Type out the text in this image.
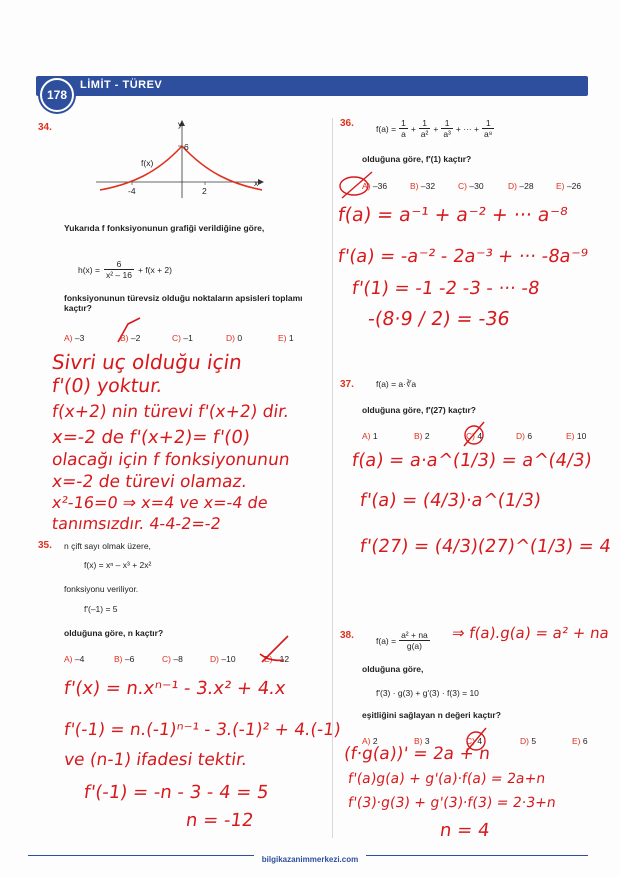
178
LİMİT - TÜREV
34.	y
x
6
f(x)
-4	2
Yukarıda f fonksiyonunun grafiği verildiğine göre,
$h(x) = \frac{6}{\text{x² – 16}} + f(x + 2)$
fonksiyonunun türevsiz olduğu noktaların apsisleri toplamı kaçtır?
A) –3	B) –2	C) –1	D) 0	E) 1
Sivri uç olduğu için
f'(0) yoktur.
f(x+2) nin türevi f'(x+2) dir.
x=-2 de f'(x+2)= f'(0)
olacağı için f fonksiyonunun
x=-2 de türevi olamaz.
x²-16=0 ⇒ x=4 ve x=-4 de
tanımsızdır. 4-4-2=-2
35. n çift sayı olmak üzere,
f(x) = xⁿ – x³ + 2x²
fonksiyonu veriliyor.
f'(–1) = 5
olduğuna göre, n kaçtır?
A) –4	B) –6	C) –8	D) –10	E) –12
f'(x) = n.xⁿ⁻¹ - 3.x² + 4.x
f'(-1) = n.(-1)ⁿ⁻¹ - 3.(-1)² + 4.(-1)
ve (n-1) ifadesi tektir.
f'(-1) = -n - 3 - 4 = 5
n = -12
36.	$f(a) = \frac{1}{a} + \frac{1}{\text{a²}} + \frac{1}{\text{a³}}$ + ··· + $\frac{1}{\text{a⁸}}$
olduğuna göre, f'(1) kaçtır?
A) –36	B) –32	C) –30	D) –28	E) –26
f(a) = a⁻¹ + a⁻² + ··· a⁻⁸
f'(a) = -a⁻² - 2a⁻³ + ··· -8a⁻⁹
f'(1) = -1 -2 -3 - ··· -8
-(8·9 / 2) = -36
37.	f(a) = a·∛a
olduğuna göre, f'(27) kaçtır?
A) 1	B) 2	C) 4	D) 6	E) 10
f(a) = a·a^(1/3) = a^(4/3)
f'(a) = (4/3)·a^(1/3)
f'(27) = (4/3)(27)^(1/3) = 4
38.	$f(a) = \frac{\text{a² + na}}{g(a)}$ ⇒ f(a).g(a) = a² + na
olduğuna göre,
f'(3) · g(3) + g'(3) · f(3) = 10
eşitliğini sağlayan n değeri kaçtır?
A) 2	B) 3	C) 4	D) 5	E) 6
(f·g(a))' = 2a + n
f'(a)g(a) + g'(a)·f(a) = 2a+n
f'(3)·g(3) + g'(3)·f(3) = 2·3+n
n = 4
bilgikazanimmerkezi.com
